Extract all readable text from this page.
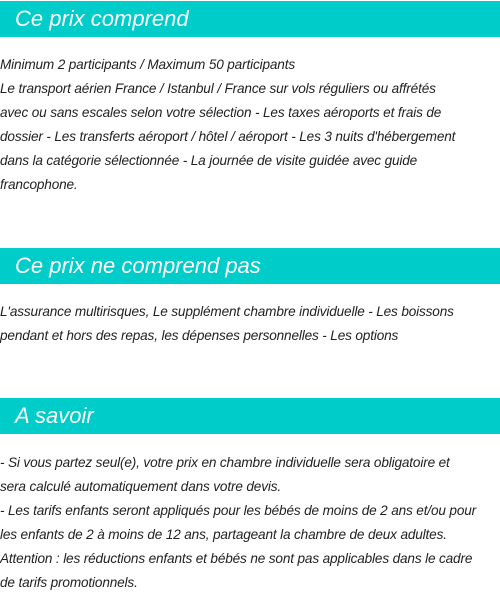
Ce prix comprend
Minimum 2 participants / Maximum 50 participants
Le transport aérien France / Istanbul / France sur vols réguliers ou affrétés
avec ou sans escales selon votre sélection - Les taxes aéroports et frais de
dossier - Les transferts aéroport / hôtel / aéroport - Les 3 nuits d'hébergement
dans la catégorie sélectionnée - La journée de visite guidée avec guide
francophone.
Ce prix ne comprend pas
L'assurance multirisques, Le supplément chambre individuelle - Les boissons
pendant et hors des repas, les dépenses personnelles - Les options
A savoir
- Si vous partez seul(e), votre prix en chambre individuelle sera obligatoire et
sera calculé automatiquement dans votre devis.
- Les tarifs enfants seront appliqués pour les bébés de moins de 2 ans et/ou pour
les enfants de 2 à moins de 12 ans, partageant la chambre de deux adultes.
Attention : les réductions enfants et bébés ne sont pas applicables dans le cadre
de tarifs promotionnels.
